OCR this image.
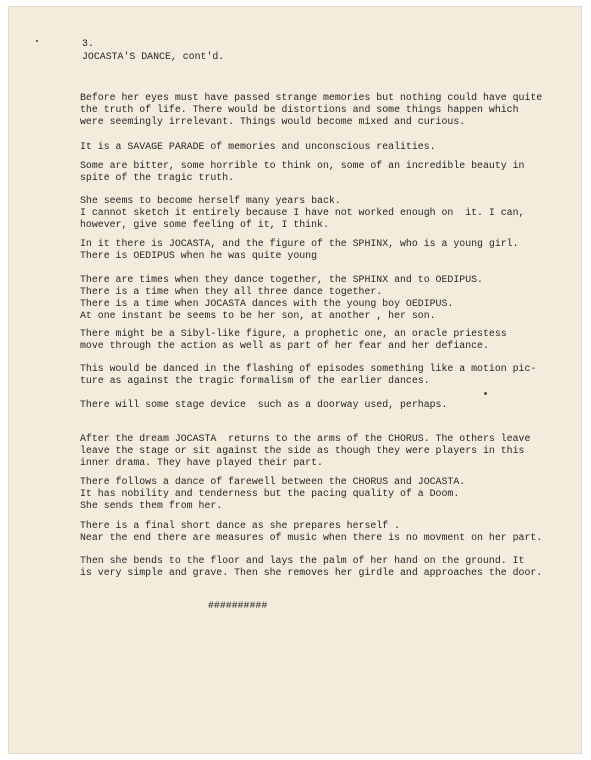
3.
JOCASTA'S DANCE, cont'd.
Before her eyes must have passed strange memories but nothing could have quite
the truth of life. There would be distortions and some things happen which
were seemingly irrelevant. Things would become mixed and curious.
It is a SAVAGE PARADE of memories and unconscious realities.
Some are bitter, some horrible to think on, some of an incredible beauty in
spite of the tragic truth.
She seems to become herself many years back.
I cannot sketch it entirely because I have not worked enough on  it. I can,
however, give some feeling of it, I think.
In it there is JOCASTA, and the figure of the SPHINX, who is a young girl.
There is OEDIPUS when he was quite young
There are times when they dance together, the SPHINX and to OEDIPUS.
There is a time when they all three dance together.
There is a time when JOCASTA dances with the young boy OEDIPUS.
At one instant be seems to be her son, at another , her son.
There might be a Sibyl-like figure, a prophetic one, an oracle priestess
move through the action as well as part of her fear and her defiance.
This would be danced in the flashing of episodes something like a motion pic-
ture as against the tragic formalism of the earlier dances.
There will some stage device  such as a doorway used, perhaps.
After the dream JOCASTA  returns to the arms of the CHORUS. The others leave
leave the stage or sit against the side as though they were players in this
inner drama. They have played their part.
There follows a dance of farewell between the CHORUS and JOCASTA.
It has nobility and tenderness but the pacing quality of a Doom.
She sends them from her.
There is a final short dance as she prepares herself .
Near the end there are measures of music when there is no movment on her part.
Then she bends to the floor and lays the palm of her hand on the ground. It
is very simple and grave. Then she removes her girdle and approaches the door.
##########
